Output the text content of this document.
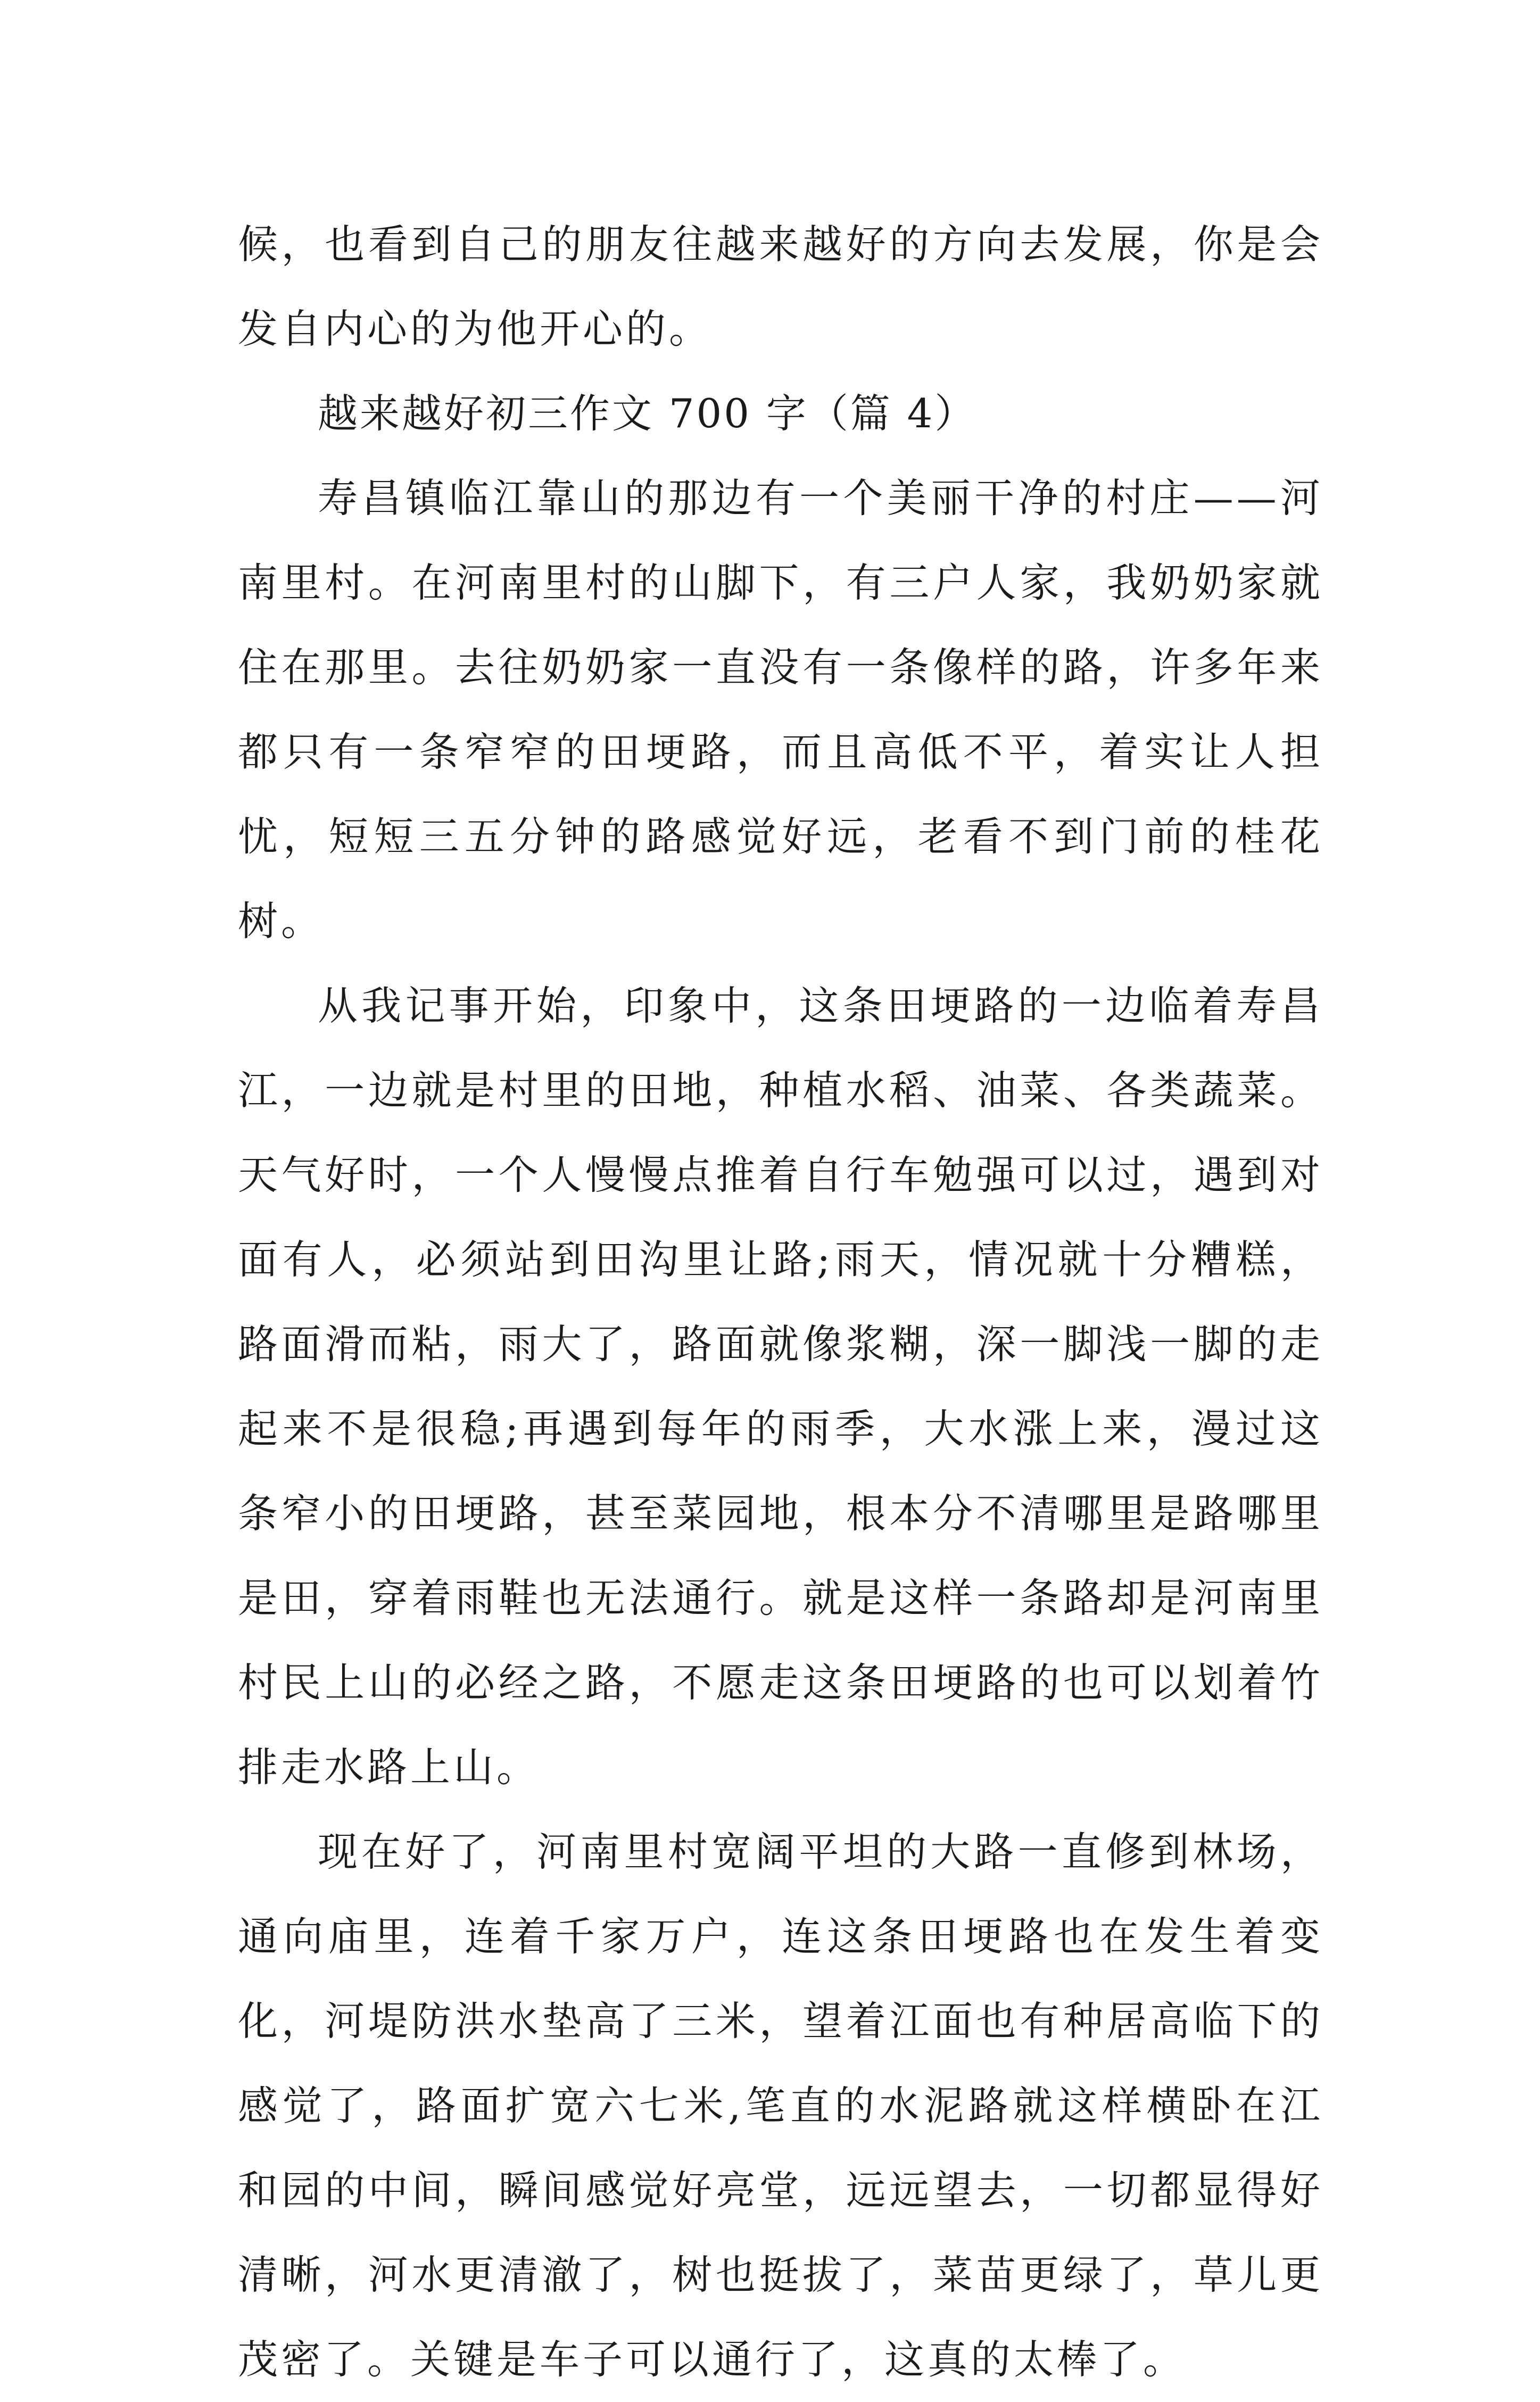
候，也看到自己的朋友往越来越好的方向去发展，你是会发自内心的为他开心的。

越来越好初三作文 700 字（篇 4）

寿昌镇临江靠山的那边有一个美丽干净的村庄——河南里村。在河南里村的山脚下，有三户人家，我奶奶家就住在那里。去往奶奶家一直没有一条像样的路，许多年来都只有一条窄窄的田埂路，而且高低不平，着实让人担忧，短短三五分钟的路感觉好远，老看不到门前的桂花树。

从我记事开始，印象中，这条田埂路的一边临着寿昌江，一边就是村里的田地，种植水稻、油菜、各类蔬菜。天气好时，一个人慢慢点推着自行车勉强可以过，遇到对面有人，必须站到田沟里让路;雨天，情况就十分糟糕，路面滑而粘，雨大了，路面就像浆糊，深一脚浅一脚的走起来不是很稳;再遇到每年的雨季，大水涨上来，漫过这条窄小的田埂路，甚至菜园地，根本分不清哪里是路哪里是田，穿着雨鞋也无法通行。就是这样一条路却是河南里村民上山的必经之路，不愿走这条田埂路的也可以划着竹排走水路上山。

现在好了，河南里村宽阔平坦的大路一直修到林场，通向庙里，连着千家万户，连这条田埂路也在发生着变化，河堤防洪水垫高了三米，望着江面也有种居高临下的感觉了，路面扩宽六七米,笔直的水泥路就这样横卧在江和园的中间，瞬间感觉好亮堂，远远望去，一切都显得好清晰，河水更清澈了，树也挺拔了，菜苗更绿了，草儿更茂密了。关键是车子可以通行了，这真的太棒了。
